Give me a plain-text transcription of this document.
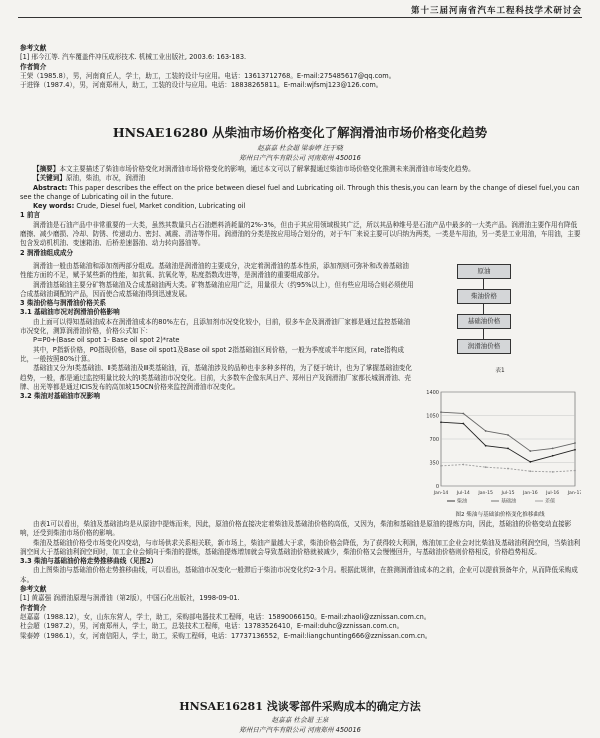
第十三届河南省汽车工程科技学术研讨会

参考文献

[1] 邢今江等. 汽车覆盖件冲压成形技术. 机械工业出版社, 2003.6: 163-183.

作者简介

王荣（1985.8），男，河南商丘人，学士，助工，工装的设计与应用。电话：13613712768。E-mail:275485617@qq.com。

于进锋（1987.4），男，河南郑州人，助工，工装的设计与应用。电话：18838265811。E-mail:wjfsmj123@126.com。

HNSAE16280 从柴油市场价格变化了解润滑油市场价格变化趋势
赵嘉嘉 杜会超 梁泰婷 汪于晓
郑州日产汽车有限公司 河南郑州 450016

【摘要】本文主要描述了柴油市场价格变化对润滑油市场价格变化的影响，通过本文可以了解掌握通过柴油市场价格变化推测未来润滑油市场变化趋势。

【关键词】原油，柴油，市况，润滑油

Abstract: This paper describes the effect on the price between diesel fuel and Lubricating oil. Through this thesis,you can learn by the change of diesel fuel,you can see the change of Lubricating oil in the future.

Key words: Crude, Diesel fuel, Market condition, Lubricating oil

1 前言

润滑油是石油产品中非常重要的一大类，虽然其数量只占石油燃料消耗量的2%-3%，但由于其应用领域极其广泛，所以其品种维号是石油产品中最多的一大类产品。润滑油主要作用有降低磨擦、减少磨损、冷却、防锈、传递动力、密封、减震、清洁等作用。润滑油的分类是按应用场合划分的，对于车厂来说主要可以归纳为两类，一类是车用油，另一类是工业用油，车用油，主要包含发动机机油、变速箱油、后桥差速器油、动力转向器油等。

2 润滑油组成成分

原油
柴油价格
基础油价格
润滑油价格
表1

润滑油一般由基础油和添加剂两部分组成。基础油是润滑油的主要成分，决定着润滑油的基本性质，添加剂则可弥补和改善基础油性能方面的不足，赋予某些新的性能，如抗氧、抗氧化等，粘度指数改进等，是润滑油的重要组成部分。

润滑油基础油主要分矿物基础油及合成基础油两大类。矿物基础油应用广泛，用量很大（约95%以上），但有些应用场合则必须使用合成基础油调配的产品，因而使合成基础油得到迅速发展。

3 柴油价格与润滑油价格关系

3.1 基础油市况对润滑油价格影响

由上面可以得知基础油成本在润滑油成本的80%左右，且添加剂市况变化较小，目前，很多车企及润滑油厂家都是通过监控基础油市况变化，测算润滑油价格，价格公式如下：

P=P0+(Base oil spot 1- Base oil spot 2)*rate

其中，P指新价格，P0指现价格，Base oil spot1及Base oil spot 2指基础油区间价格，一般为季度或半年度区间，rate指构成比，一般按照80%计算。

基础油又分为Ⅰ类基础油、Ⅱ类基础油及Ⅲ类基础油，而，基础油涉及的品种也非多种多样的，为了便于统计，也为了掌握基础油变化趋势，一般，都是通过监控明量比较大的Ⅰ类基础油市况变化。目前，大多数车企像东风日产、郑州日产及润滑油厂家都长城润滑油、壳牌、出光等都是通过ICIS发布的高加坡150CN价格来监控润滑油市况变化。

3.2 柴油对基础油市况影响

0
350
700
1050
1400
Jan-14 Jul-14 Jan-15 Jul-15 Jan-16 Jul-16 Jan-17
柴油	基础油	差值
图2 柴油与基础油价格变化推移曲线

由表1可以看出，柴油及基础油均是从原油中提炼而来，因此，原油价格直接决定着柴油及基础油价格的高低，又因为，柴油和基础油是原油的提炼方向，因此，基础油的价格变动直接影响，还受到柴油市场价格的影响。

柴油及基础油价格受市场变化四变动，与市场供求关系相关联，新市场上，柴油产量越大于求，柴油价格会降低，为了获得较大利润，炼油加工企业会对比柴油及基础油利润空间，当柴油利润空间大于基础油利润空间时，加工企业会倾向于柴油的提炼，基础油提炼增加就会导致基础油价格就被减少，柴油价格又会慢慢回升，与基础油价格则价格相反，价格趋势相反。

3.3 柴油与基础油价格走势推移曲线（见图2）

由上图柴油与基础油价格走势推移曲线，可以看出，基础油市况变化一般滞后于柴油市况变化约2-3个月。根据此规律，在推测润滑油成本的之前，企业可以提前预备年介，从而降低采购成本。

参考文献

[1] 黄嘉强 润滑油原理与润滑油（第2版），中国石化出版社，1998-09-01.

作者简介

赵嘉嘉（1988.12），女，山东东营人，学士，助工，采购部电器技术工程师，电话：15890066150。E-mail:zhaoli@zznissan.com.cn。

杜会超（1987.2），男，河南郑州人，学士，助工，总装技术工程师，电话：13783526410，E-mail:duhc@zznissan.com.cn。

梁泰婷（1986.1），女，河南信阳人，学士，助工，采购工程师，电话：17737136552，E-mail:liangchunting666@zznissan.com.cn。

HNSAE16281 浅谈零部件采购成本的确定方法
赵嘉嘉 杜会超 王泉
郑州日产汽车有限公司 河南郑州 450016
